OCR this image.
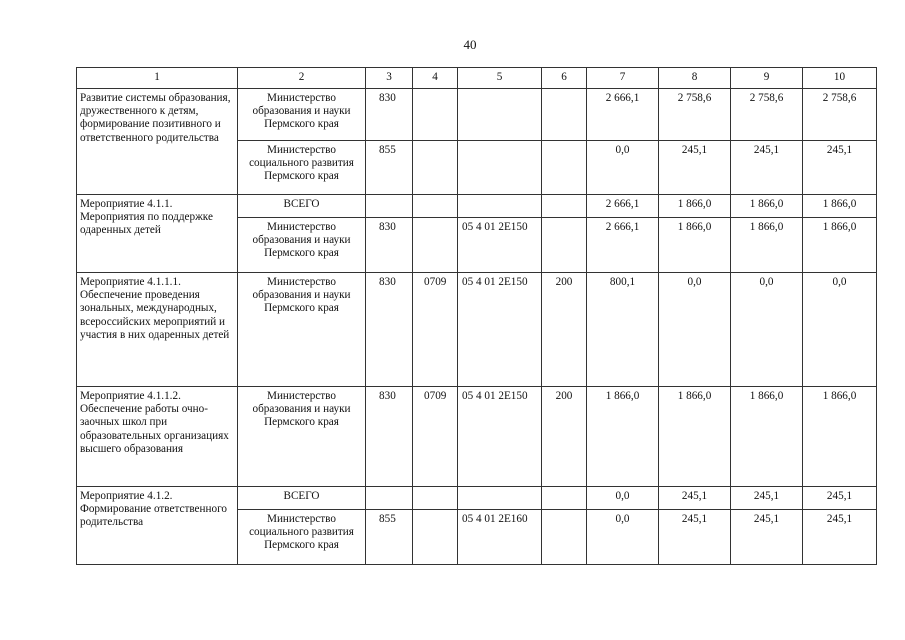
40
1	2	3	4	5	6	7	8	9	10
Развитие системы образования, дружественного к детям, формирование позитивного и ответственного родительства	Министерство образования и науки Пермского края	830				2 666,1	2 758,6	2 758,6	2 758,6
	Министерство социального развития Пермского края	855				0,0	245,1	245,1	245,1
Мероприятие 4.1.1. Мероприятия по поддержке одаренных детей	ВСЕГО					2 666,1	1 866,0	1 866,0	1 866,0
	Министерство образования и науки Пермского края	830		05 4 01 2Е150		2 666,1	1 866,0	1 866,0	1 866,0
Мероприятие 4.1.1.1. Обеспечение проведения зональных, международных, всероссийских мероприятий и участия в них одаренных детей	Министерство образования и науки Пермского края	830	0709	05 4 01 2Е150	200	800,1	0,0	0,0	0,0
Мероприятие 4.1.1.2. Обеспечение работы очно-заочных школ при образовательных организациях высшего образования	Министерство образования и науки Пермского края	830	0709	05 4 01 2Е150	200	1 866,0	1 866,0	1 866,0	1 866,0
Мероприятие 4.1.2. Формирование ответственного родительства	ВСЕГО					0,0	245,1	245,1	245,1
	Министерство социального развития Пермского края	855		05 4 01 2Е160		0,0	245,1	245,1	245,1
